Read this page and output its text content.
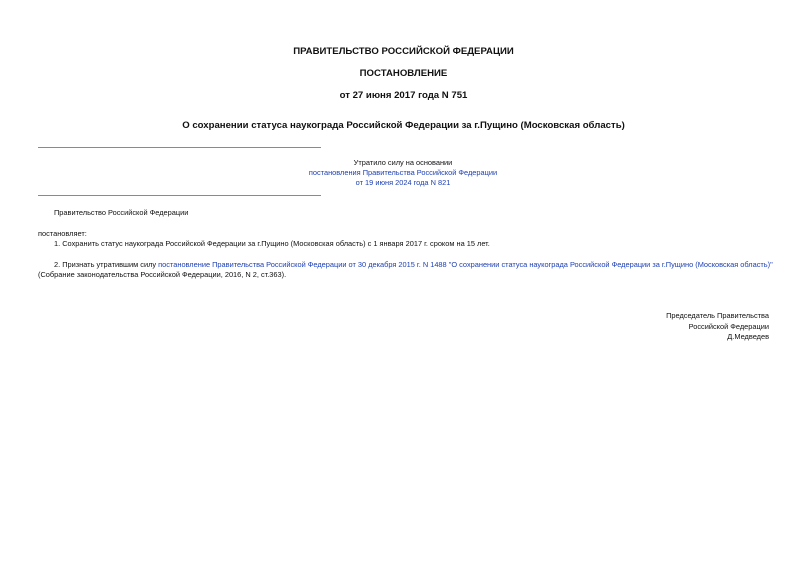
ПРАВИТЕЛЬСТВО РОССИЙСКОЙ ФЕДЕРАЦИИ
ПОСТАНОВЛЕНИЕ
от 27 июня 2017 года N 751
О сохранении статуса наукограда Российской Федерации за г.Пущино (Московская область)
Утратило силу на основании
постановления Правительства Российской Федерации
от 19 июня 2024 года N 821
Правительство Российской Федерации
постановляет:
1. Сохранить статус наукограда Российской Федерации за г.Пущино (Московская область) с 1 января 2017 г. сроком на 15 лет.
2. Признать утратившим силу постановление Правительства Российской Федерации от 30 декабря 2015 г. N 1488 "О сохранении статуса наукограда Российской Федерации за г.Пущино (Московская область)"
(Собрание законодательства Российской Федерации, 2016, N 2, ст.363).
Председатель Правительства
Российской Федерации
Д.Медведев
